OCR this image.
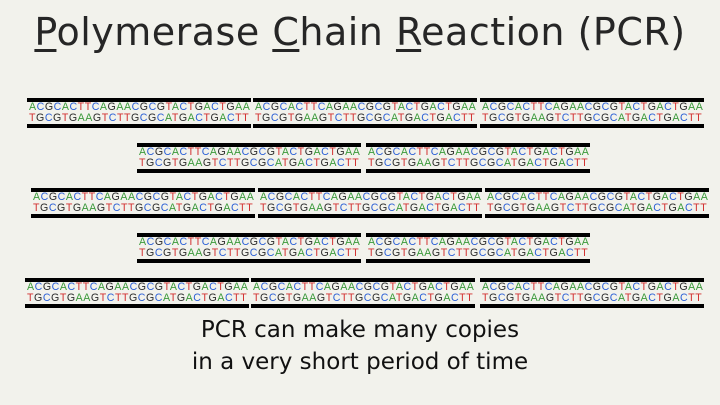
Polymerase Chain Reaction (PCR)
ACGCACTTCAGAACGCGTACTGACTGAA
TGCGTGAAGTCTTGCGCATGACTGACTT
ACGCACTTCAGAACGCGTACTGACTGAA
TGCGTGAAGTCTTGCGCATGACTGACTT
ACGCACTTCAGAACGCGTACTGACTGAA
TGCGTGAAGTCTTGCGCATGACTGACTT
ACGCACTTCAGAACGCGTACTGACTGAA
TGCGTGAAGTCTTGCGCATGACTGACTT
ACGCACTTCAGAACGCGTACTGACTGAA
TGCGTGAAGTCTTGCGCATGACTGACTT
ACGCACTTCAGAACGCGTACTGACTGAA
TGCGTGAAGTCTTGCGCATGACTGACTT
ACGCACTTCAGAACGCGTACTGACTGAA
TGCGTGAAGTCTTGCGCATGACTGACTT
ACGCACTTCAGAACGCGTACTGACTGAA
TGCGTGAAGTCTTGCGCATGACTGACTT
ACGCACTTCAGAACGCGTACTGACTGAA
TGCGTGAAGTCTTGCGCATGACTGACTT
ACGCACTTCAGAACGCGTACTGACTGAA
TGCGTGAAGTCTTGCGCATGACTGACTT
ACGCACTTCAGAACGCGTACTGACTGAA
TGCGTGAAGTCTTGCGCATGACTGACTT
ACGCACTTCAGAACGCGTACTGACTGAA
TGCGTGAAGTCTTGCGCATGACTGACTT
ACGCACTTCAGAACGCGTACTGACTGAA
TGCGTGAAGTCTTGCGCATGACTGACTT
PCR can make many copies
in a very short period of time
